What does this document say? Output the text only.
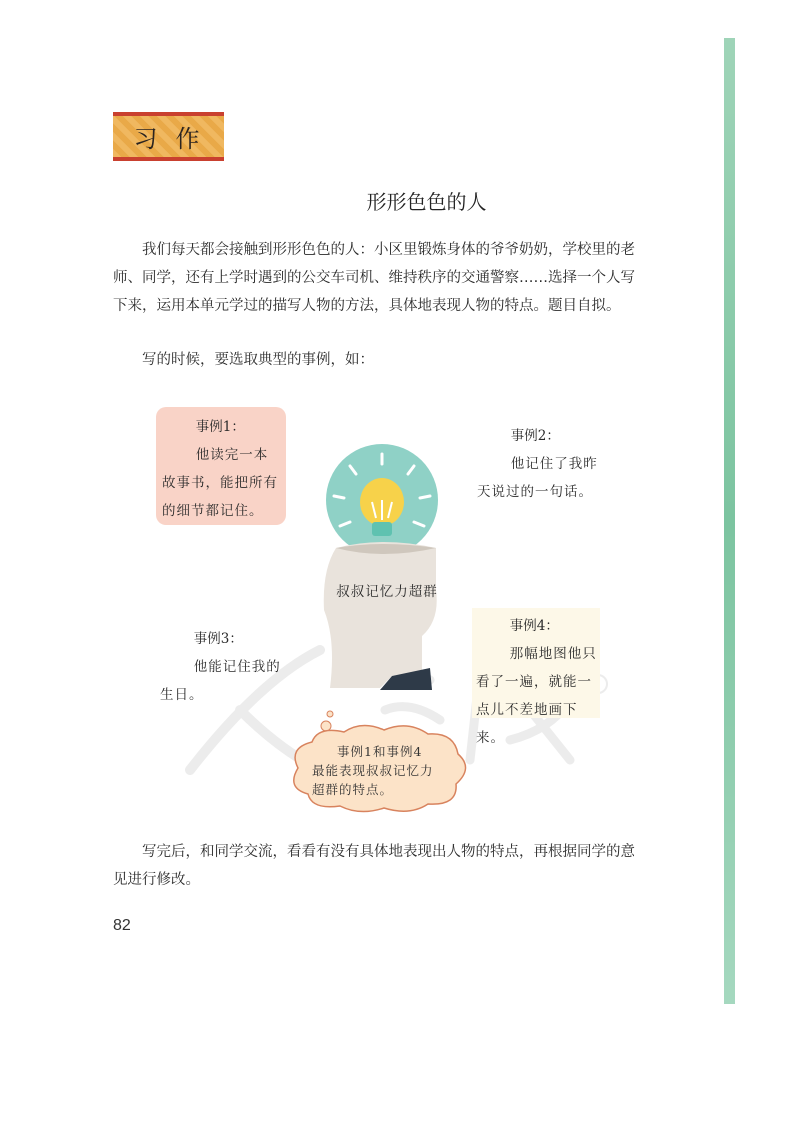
习作
形形色色的人
我们每天都会接触到形形色色的人：小区里锻炼身体的爷爷奶奶，学校里的老师、同学，还有上学时遇到的公交车司机、维持秩序的交通警察……选择一个人写下来，运用本单元学过的描写人物的方法，具体地表现人物的特点。题目自拟。
写的时候，要选取典型的事例，如：
叔叔记忆力超群
事例1：
他读完一本故事书，能把所有的细节都记住。
事例2：
他记住了我昨天说过的一句话。
事例3：
他能记住我的生日。
事例4：
那幅地图他只看了一遍，就能一点儿不差地画下来。
事例1和事例4
最能表现叔叔记忆力超群的特点。
写完后，和同学交流，看看有没有具体地表现出人物的特点，再根据同学的意见进行修改。
82
